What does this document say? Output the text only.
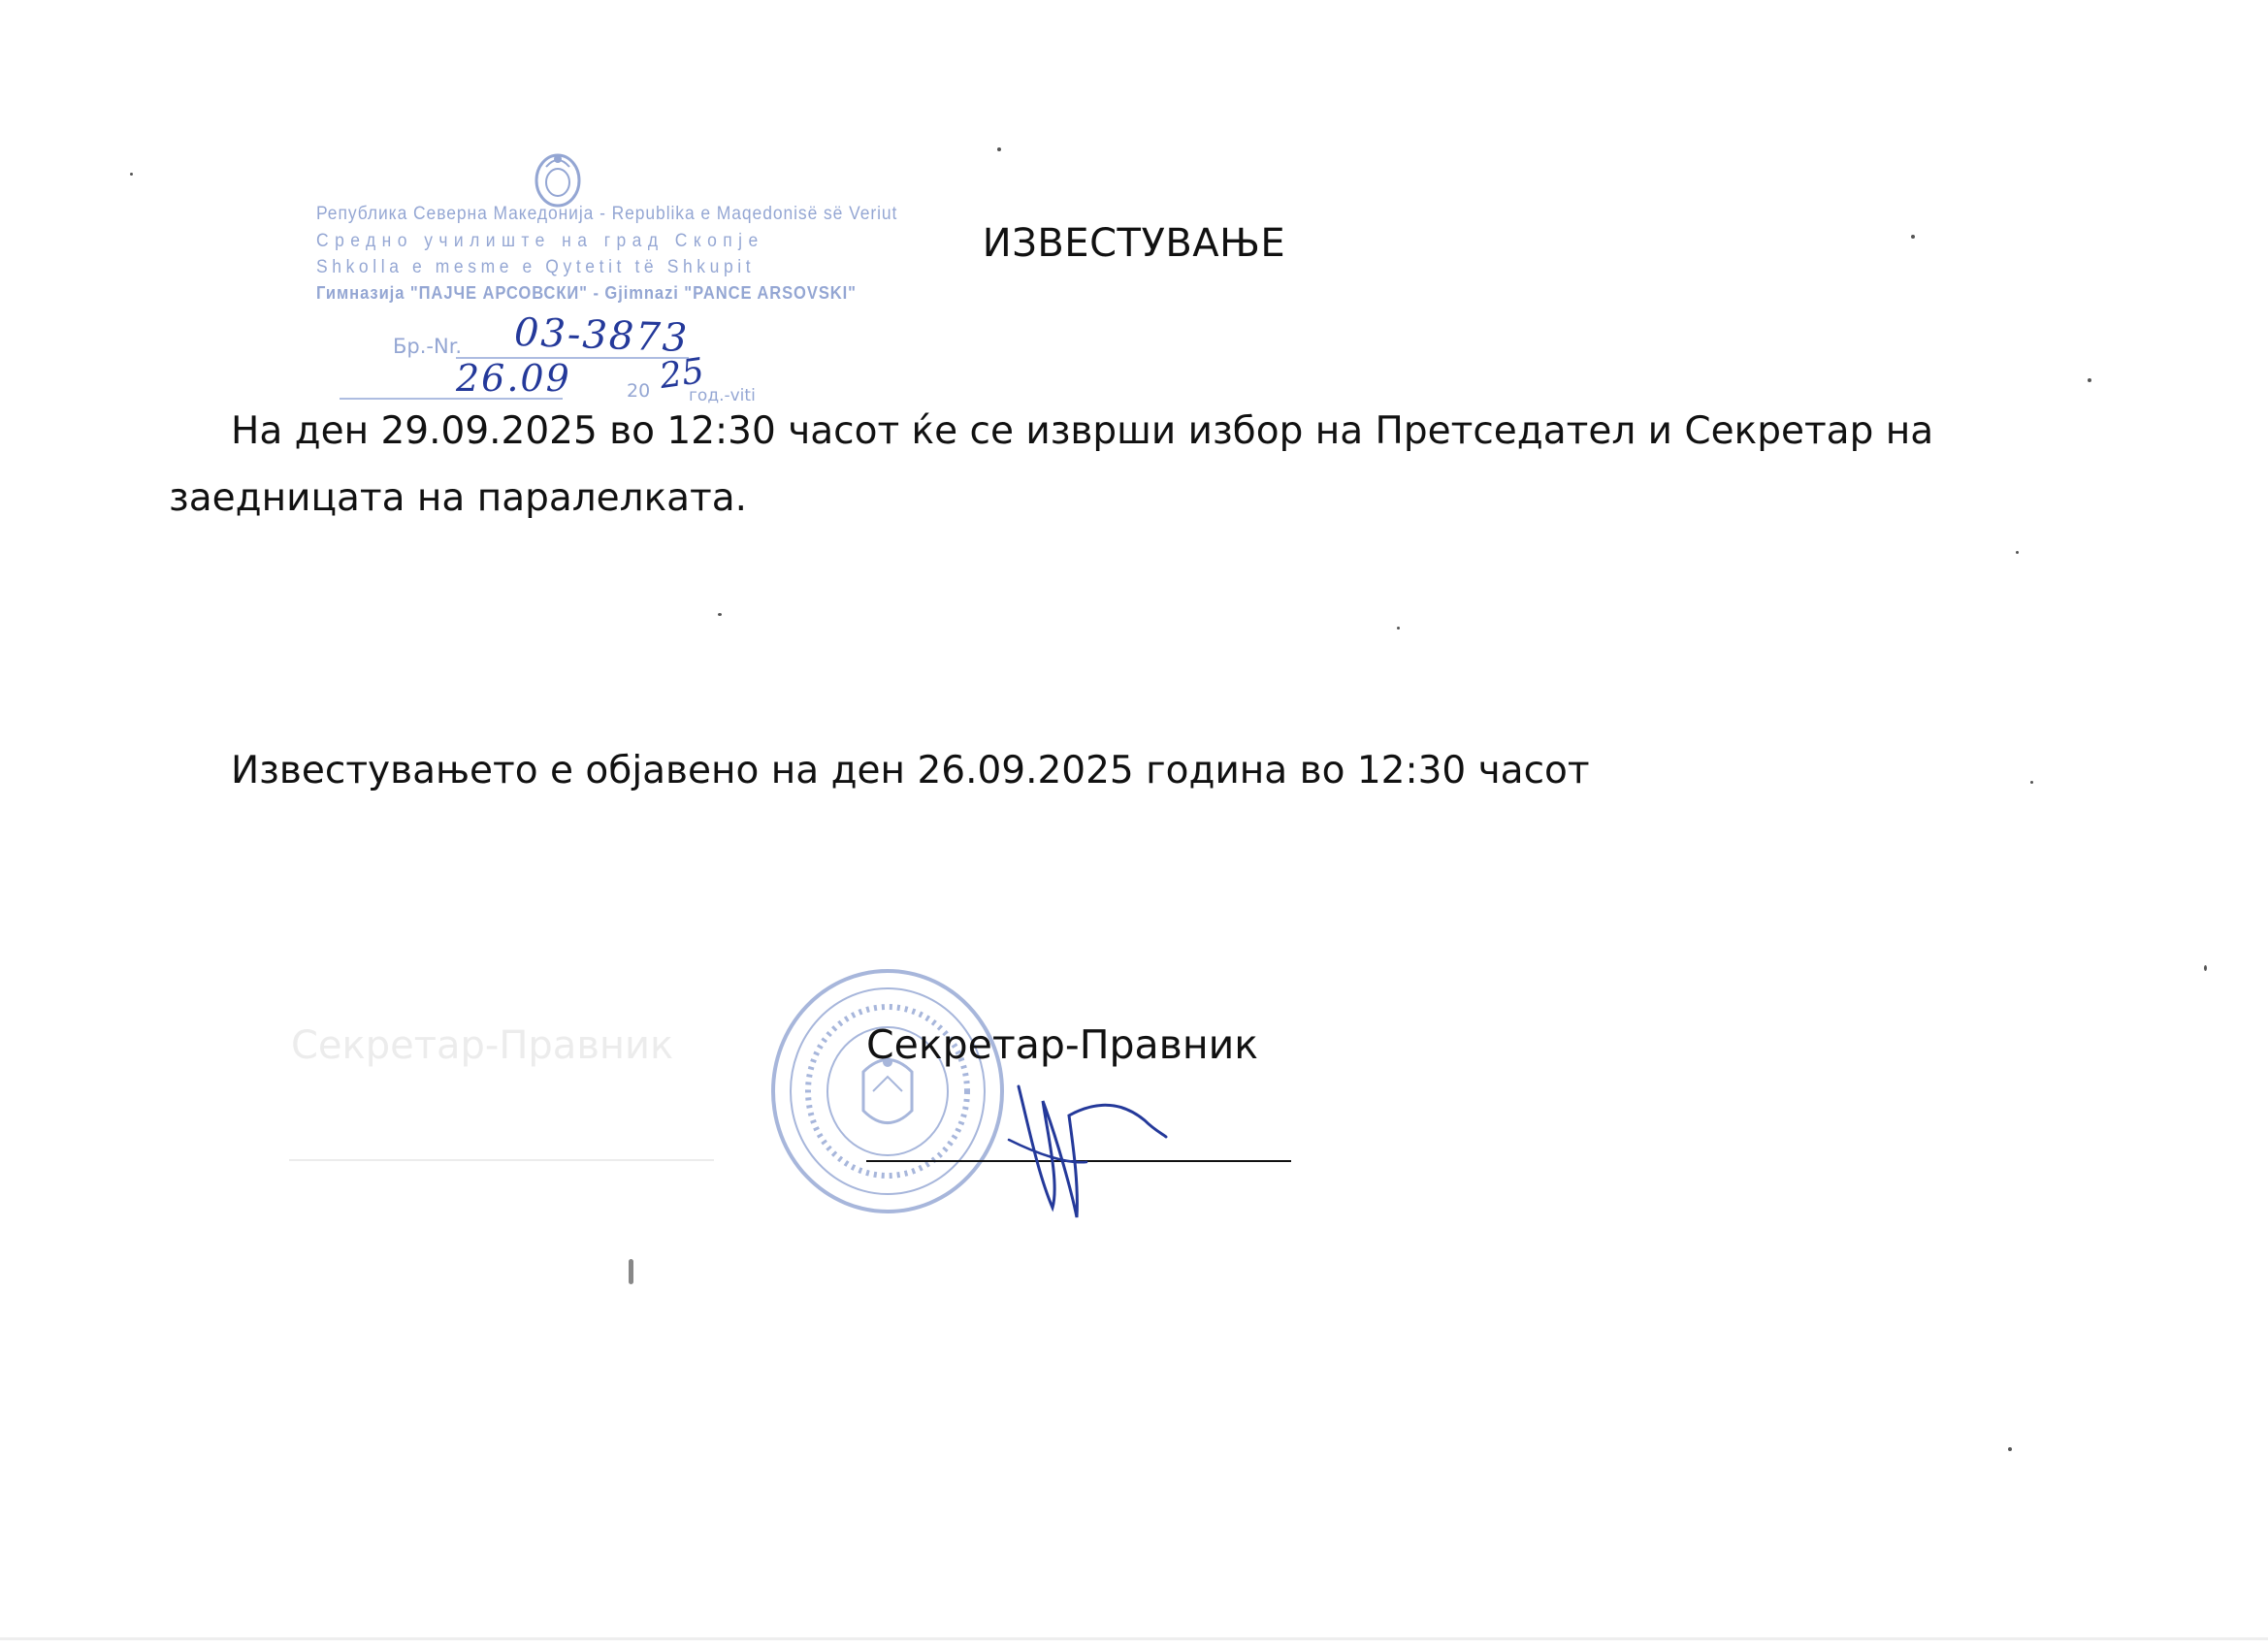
Република Северна Македонија - Republika e Maqedonisë së Veriut
Средно училиште на град Скопје
Shkolla e mesme e Qytetit të Shkupit
Гимназија "ПАЈЧЕ АРСОВСКИ" - Gjimnazi "PANCE ARSOVSKI"
Бр.-Nr.
20 год.-viti
03-3873
26.09 25
ИЗВЕСТУВАЊЕ
На ден 29.09.2025 во 12:30 часот ќе се изврши избор на Претседател и Секретар на
заедницата на паралелката.
Известувањето е објавено на ден 26.09.2025 година во 12:30 часот
Секретар-Правник	Секретар-Правник
